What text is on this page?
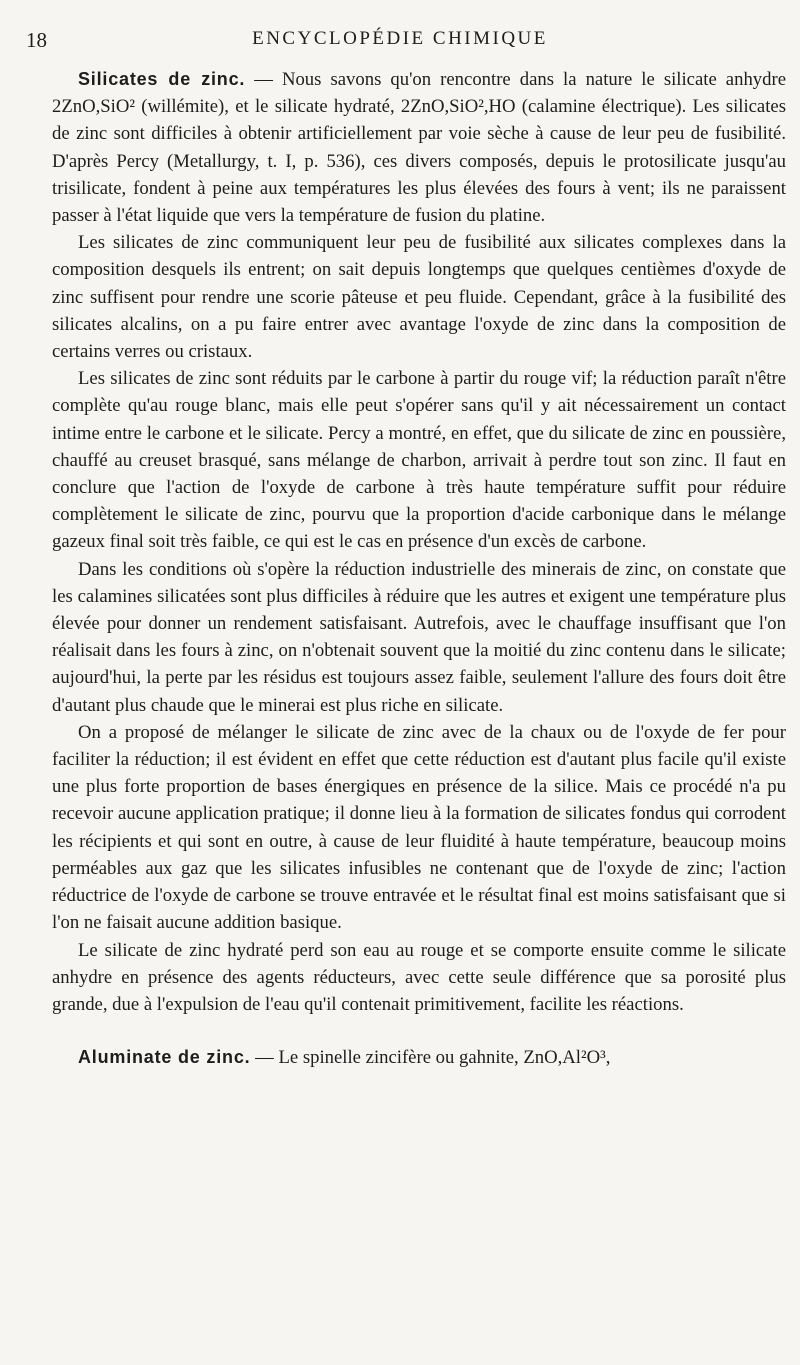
18	ENCYCLOPÉDIE CHIMIQUE

Silicates de zinc. — Nous savons qu'on rencontre dans la nature le silicate anhydre 2ZnO,SiO² (willémite), et le silicate hydraté, 2ZnO,SiO²,HO (calamine électrique). Les silicates de zinc sont difficiles à obtenir artificiellement par voie sèche à cause de leur peu de fusibilité. D'après Percy (Metallurgy, t. I, p. 536), ces divers composés, depuis le protosilicate jusqu'au trisilicate, fondent à peine aux températures les plus élevées des fours à vent; ils ne paraissent passer à l'état liquide que vers la température de fusion du platine.

Les silicates de zinc communiquent leur peu de fusibilité aux silicates complexes dans la composition desquels ils entrent; on sait depuis longtemps que quelques centièmes d'oxyde de zinc suffisent pour rendre une scorie pâteuse et peu fluide. Cependant, grâce à la fusibilité des silicates alcalins, on a pu faire entrer avec avantage l'oxyde de zinc dans la composition de certains verres ou cristaux.

Les silicates de zinc sont réduits par le carbone à partir du rouge vif; la réduction paraît n'être complète qu'au rouge blanc, mais elle peut s'opérer sans qu'il y ait nécessairement un contact intime entre le carbone et le silicate. Percy a montré, en effet, que du silicate de zinc en poussière, chauffé au creuset brasqué, sans mélange de charbon, arrivait à perdre tout son zinc. Il faut en conclure que l'action de l'oxyde de carbone à très haute température suffit pour réduire complètement le silicate de zinc, pourvu que la proportion d'acide carbonique dans le mélange gazeux final soit très faible, ce qui est le cas en présence d'un excès de carbone.

Dans les conditions où s'opère la réduction industrielle des minerais de zinc, on constate que les calamines silicatées sont plus difficiles à réduire que les autres et exigent une température plus élevée pour donner un rendement satisfaisant. Autrefois, avec le chauffage insuffisant que l'on réalisait dans les fours à zinc, on n'obtenait souvent que la moitié du zinc contenu dans le silicate; aujourd'hui, la perte par les résidus est toujours assez faible, seulement l'allure des fours doit être d'autant plus chaude que le minerai est plus riche en silicate.

On a proposé de mélanger le silicate de zinc avec de la chaux ou de l'oxyde de fer pour faciliter la réduction; il est évident en effet que cette réduction est d'autant plus facile qu'il existe une plus forte proportion de bases énergiques en présence de la silice. Mais ce procédé n'a pu recevoir aucune application pratique; il donne lieu à la formation de silicates fondus qui corrodent les récipients et qui sont en outre, à cause de leur fluidité à haute température, beaucoup moins perméables aux gaz que les silicates infusibles ne contenant que de l'oxyde de zinc; l'action réductrice de l'oxyde de carbone se trouve entravée et le résultat final est moins satisfaisant que si l'on ne faisait aucune addition basique.

Le silicate de zinc hydraté perd son eau au rouge et se comporte ensuite comme le silicate anhydre en présence des agents réducteurs, avec cette seule différence que sa porosité plus grande, due à l'expulsion de l'eau qu'il contenait primitivement, facilite les réactions.

Aluminate de zinc. — Le spinelle zincifère ou gahnite, ZnO,Al²O³,
